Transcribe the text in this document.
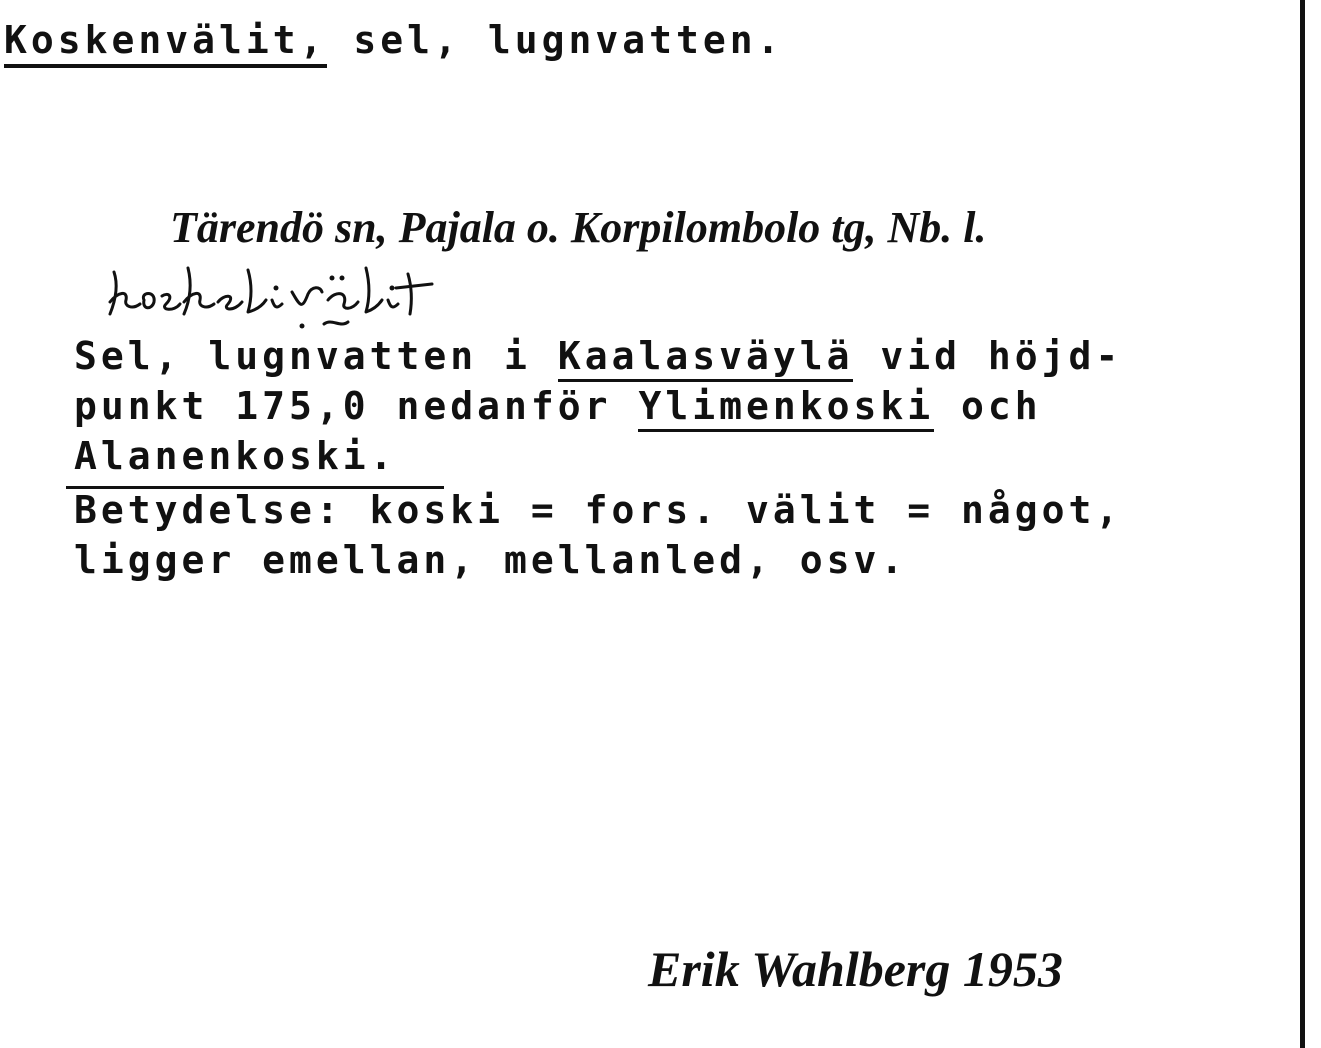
Koskenvälit, sel, lugnvatten.

Tärendö sn, Pajala o. Korpilombolo tg, Nb. l.

Sel, lugnvatten i Kaalasväylä vid höjd-

punkt 175,0 nedanför Ylimenkoski och

Alanenkoski.

Betydelse: koski = fors. välit = något,

ligger emellan, mellanled, osv.

Erik Wahlberg 1953
